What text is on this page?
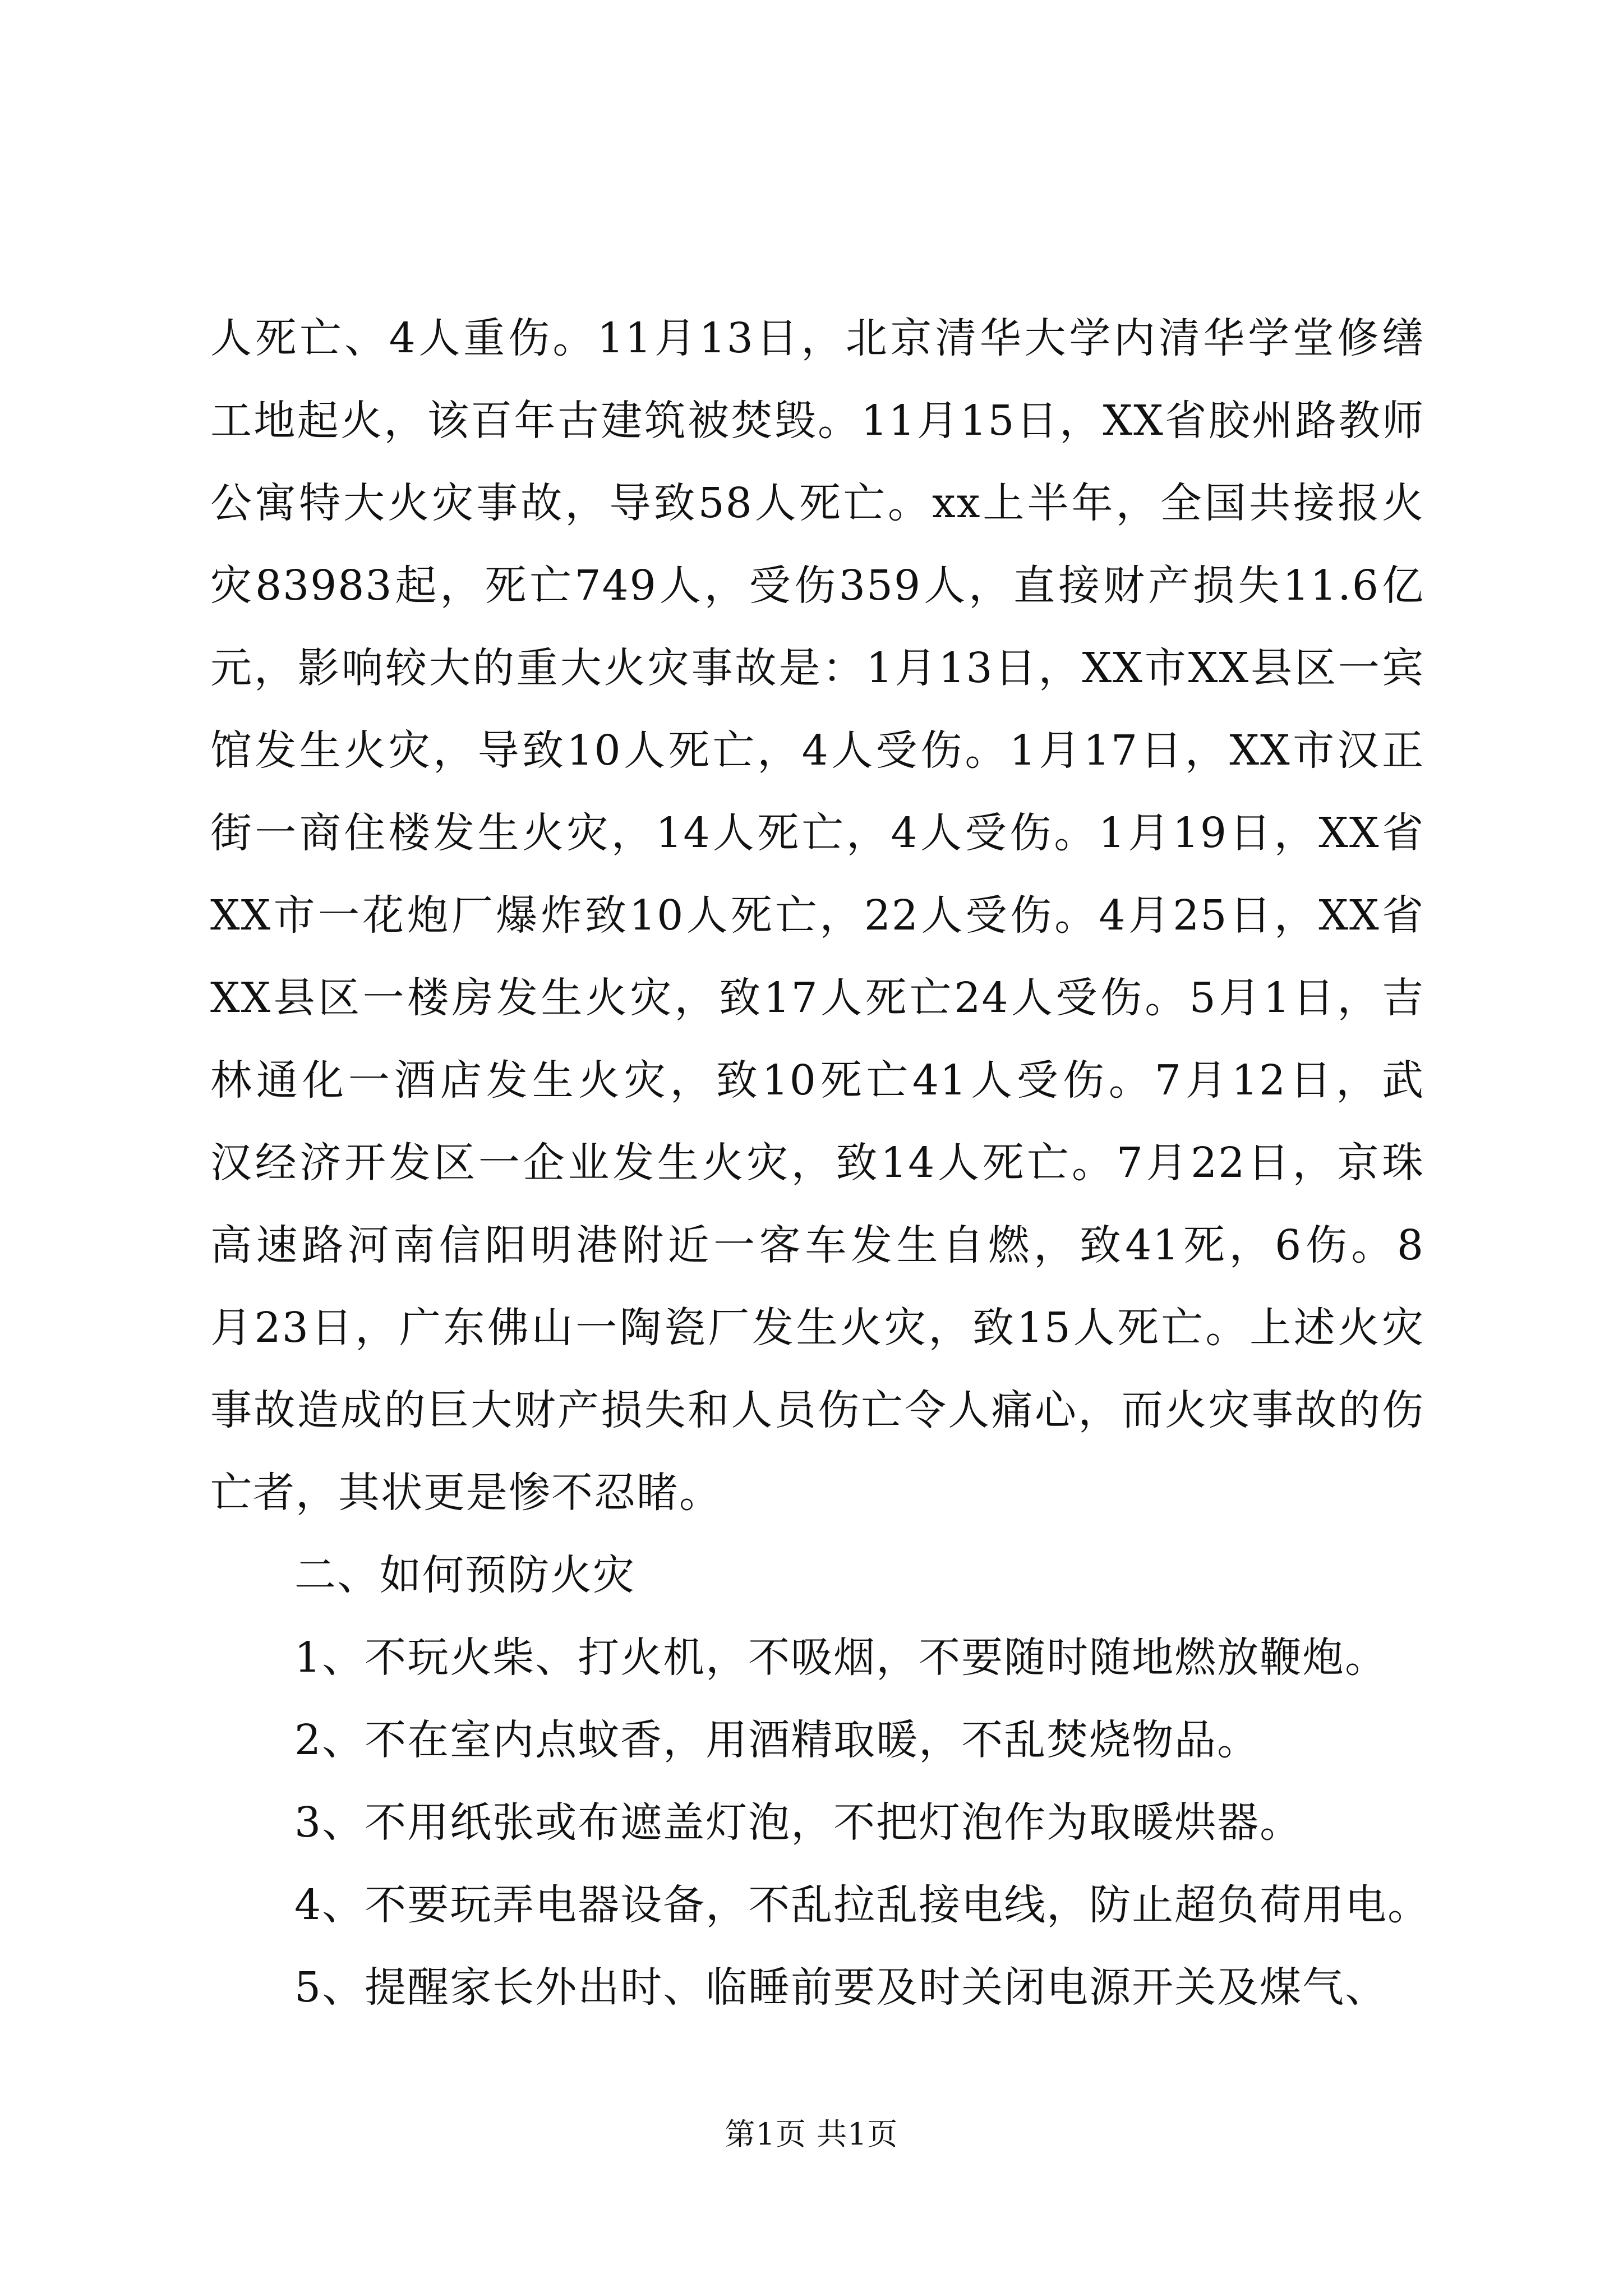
人死亡、4人重伤。11月13日，北京清华大学内清华学堂修缮
工地起火，该百年古建筑被焚毁。11月15日，XX省胶州路教师
公寓特大火灾事故，导致58人死亡。xx上半年，全国共接报火
灾83983起，死亡749人，受伤359人，直接财产损失11.6亿
元，影响较大的重大火灾事故是：1月13日，XX市XX县区一宾
馆发生火灾，导致10人死亡，4人受伤。1月17日，XX市汉正
街一商住楼发生火灾，14人死亡，4人受伤。1月19日，XX省
XX市一花炮厂爆炸致10人死亡，22人受伤。4月25日，XX省
XX县区一楼房发生火灾，致17人死亡24人受伤。5月1日，吉
林通化一酒店发生火灾，致10死亡41人受伤。7月12日，武
汉经济开发区一企业发生火灾，致14人死亡。7月22日，京珠
高速路河南信阳明港附近一客车发生自燃，致41死，6伤。8
月23日，广东佛山一陶瓷厂发生火灾，致15人死亡。上述火灾
事故造成的巨大财产损失和人员伤亡令人痛心，而火灾事故的伤
亡者，其状更是惨不忍睹。
二、如何预防火灾
1、不玩火柴、打火机，不吸烟，不要随时随地燃放鞭炮。
2、不在室内点蚊香，用酒精取暖，不乱焚烧物品。
3、不用纸张或布遮盖灯泡，不把灯泡作为取暖烘器。
4、不要玩弄电器设备，不乱拉乱接电线，防止超负荷用电。
5、提醒家长外出时、临睡前要及时关闭电源开关及煤气、
第1页 共1页
